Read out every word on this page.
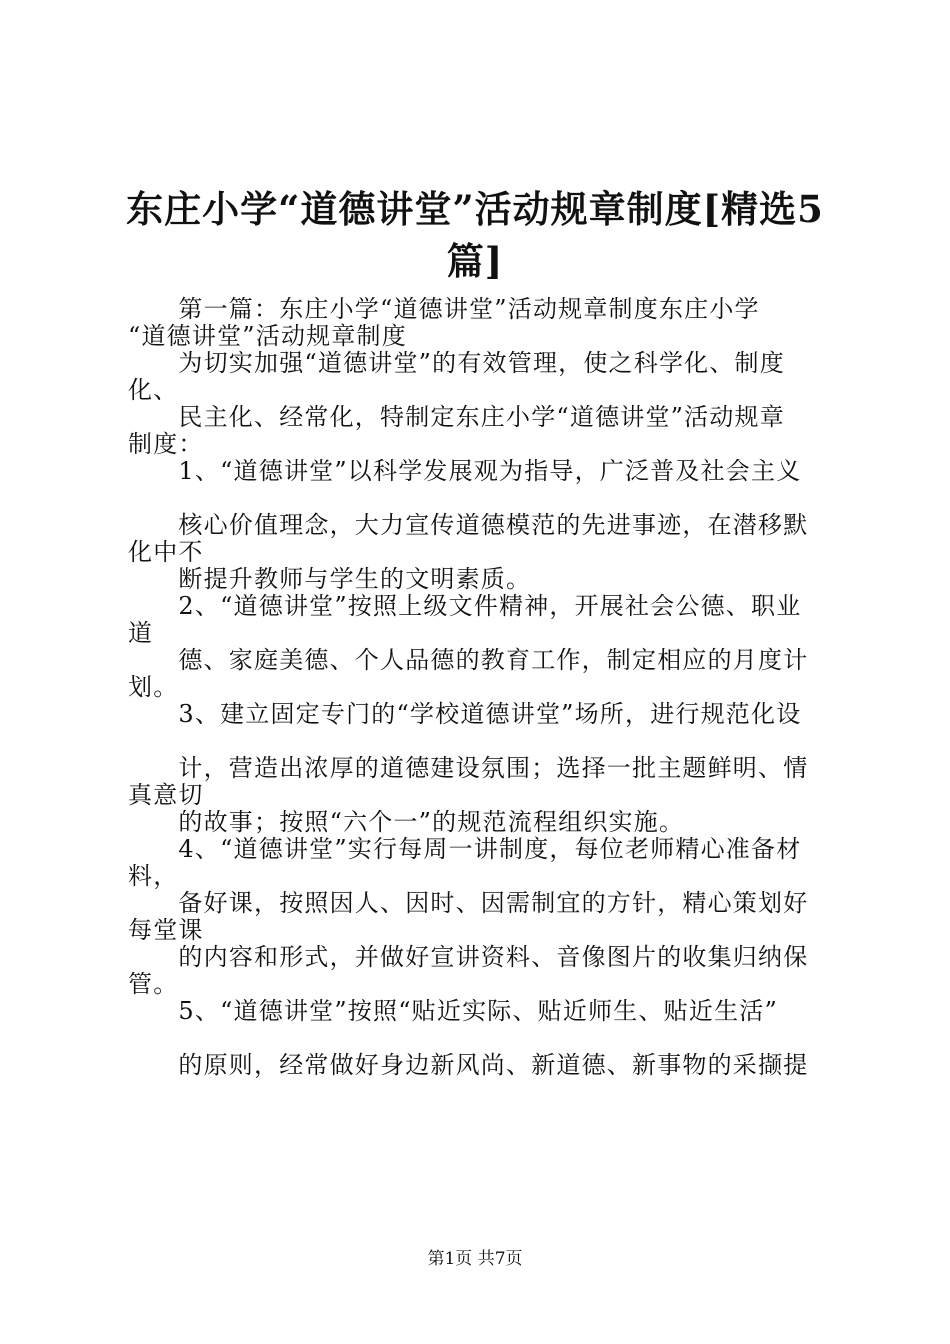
东庄小学“道德讲堂”活动规章制度[精选5
篇]
　　第一篇：东庄小学“道德讲堂”活动规章制度东庄小学
“道德讲堂”活动规章制度
　　为切实加强“道德讲堂”的有效管理，使之科学化、制度
化、
　　民主化、经常化，特制定东庄小学“道德讲堂”活动规章
制度：
　　1、“道德讲堂”以科学发展观为指导，广泛普及社会主义
　　核心价值理念，大力宣传道德模范的先进事迹，在潜移默
化中不
　　断提升教师与学生的文明素质。
　　2、“道德讲堂”按照上级文件精神，开展社会公德、职业
道
　　德、家庭美德、个人品德的教育工作，制定相应的月度计
划。
　　3、建立固定专门的“学校道德讲堂”场所，进行规范化设
　　计，营造出浓厚的道德建设氛围；选择一批主题鲜明、情
真意切
　　的故事；按照“六个一”的规范流程组织实施。
　　4、“道德讲堂”实行每周一讲制度，每位老师精心准备材
料，
　　备好课，按照因人、因时、因需制宜的方针，精心策划好
每堂课
　　的内容和形式，并做好宣讲资料、音像图片的收集归纳保
管。
　　5、“道德讲堂”按照“贴近实际、贴近师生、贴近生活”
　　的原则，经常做好身边新风尚、新道德、新事物的采撷提
第1页 共7页
